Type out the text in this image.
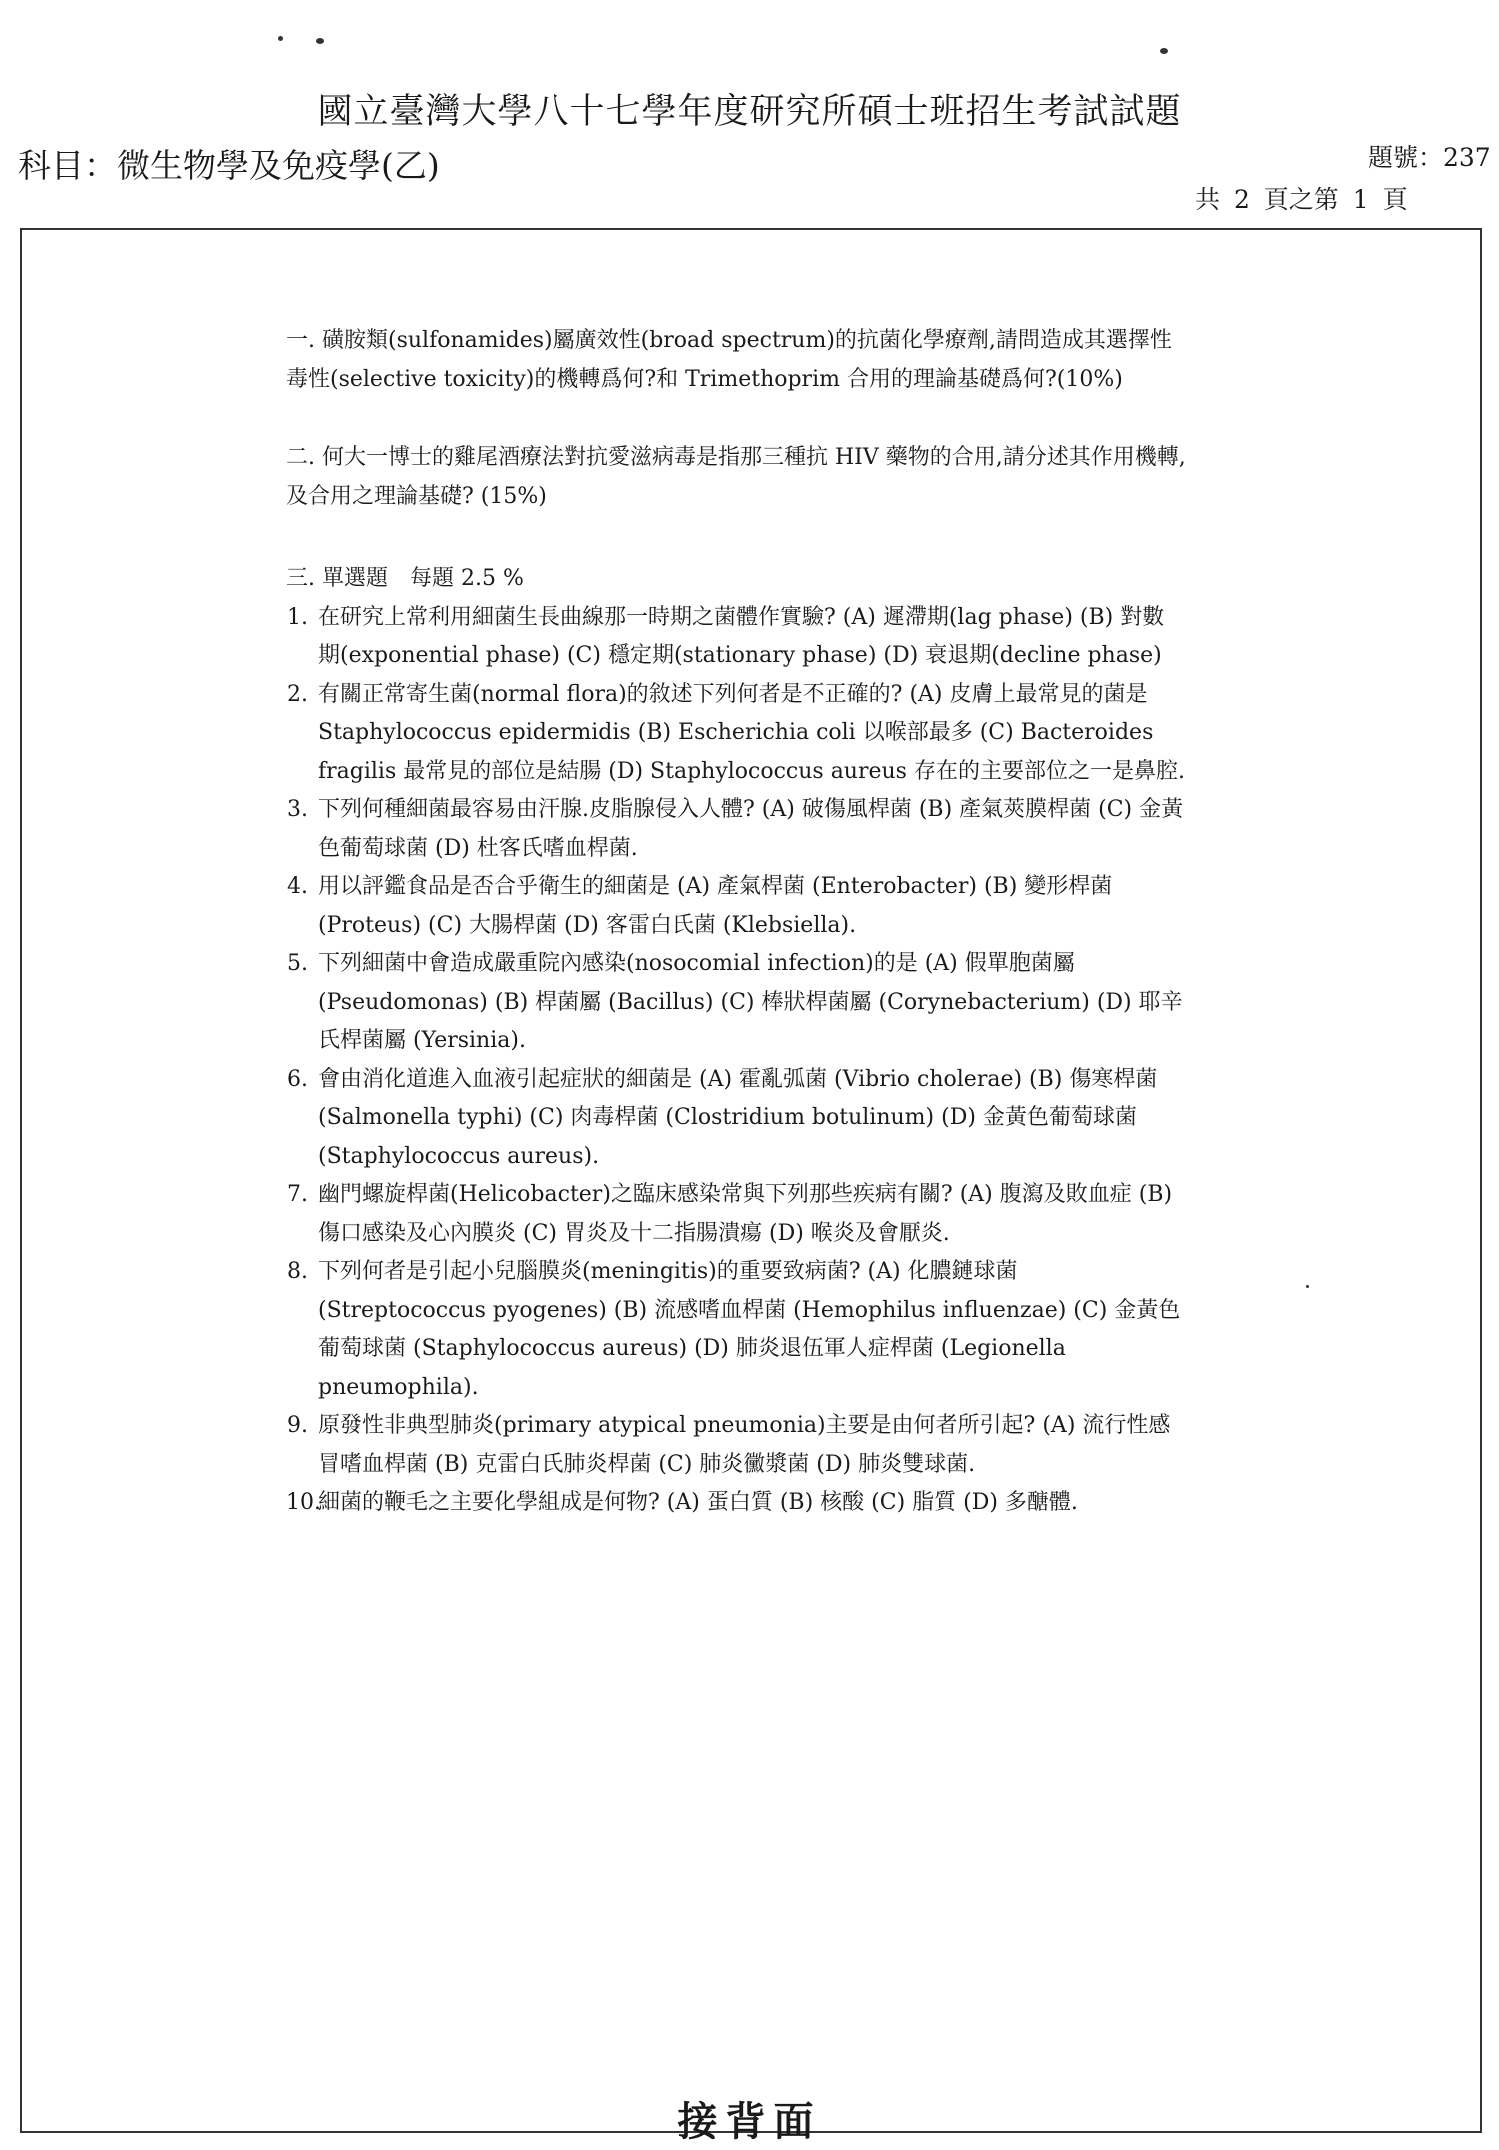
國立臺灣大學八十七學年度研究所碩士班招生考試試題
科目：微生物學及免疫學(乙)	題號：237
共 2 頁之第 1 頁

一. 磺胺類(sulfonamides)屬廣效性(broad spectrum)的抗菌化學療劑,請問造成其選擇性毒性(selective toxicity)的機轉爲何?和 Trimethoprim 合用的理論基礎爲何?(10%)

二. 何大一博士的雞尾酒療法對抗愛滋病毒是指那三種抗 HIV 藥物的合用,請分述其作用機轉,及合用之理論基礎? (15%)

三. 單選題　每題 2.5 %

1. 在研究上常利用細菌生長曲線那一時期之菌體作實驗? (A) 遲滯期(lag phase) (B) 對數期(exponential phase) (C) 穩定期(stationary phase) (D) 衰退期(decline phase)
2. 有關正常寄生菌(normal flora)的敘述下列何者是不正確的? (A) 皮膚上最常見的菌是 Staphylococcus epidermidis (B) Escherichia coli 以喉部最多 (C) Bacteroides fragilis 最常見的部位是結腸 (D) Staphylococcus aureus 存在的主要部位之一是鼻腔.
3. 下列何種細菌最容易由汗腺.皮脂腺侵入人體? (A) 破傷風桿菌 (B) 產氣莢膜桿菌 (C) 金黃色葡萄球菌 (D) 杜客氏嗜血桿菌.
4. 用以評鑑食品是否合乎衛生的細菌是 (A) 產氣桿菌 (Enterobacter) (B) 變形桿菌 (Proteus) (C) 大腸桿菌 (D) 客雷白氏菌 (Klebsiella).
5. 下列細菌中會造成嚴重院內感染(nosocomial infection)的是 (A) 假單胞菌屬 (Pseudomonas) (B) 桿菌屬 (Bacillus) (C) 棒狀桿菌屬 (Corynebacterium) (D) 耶辛氏桿菌屬 (Yersinia).
6. 會由消化道進入血液引起症狀的細菌是 (A) 霍亂弧菌 (Vibrio cholerae) (B) 傷寒桿菌 (Salmonella typhi) (C) 肉毒桿菌 (Clostridium botulinum) (D) 金黃色葡萄球菌 (Staphylococcus aureus).
7. 幽門螺旋桿菌(Helicobacter)之臨床感染常與下列那些疾病有關? (A) 腹瀉及敗血症 (B) 傷口感染及心內膜炎 (C) 胃炎及十二指腸潰瘍 (D) 喉炎及會厭炎.
8. 下列何者是引起小兒腦膜炎(meningitis)的重要致病菌? (A) 化膿鏈球菌 (Streptococcus pyogenes) (B) 流感嗜血桿菌 (Hemophilus influenzae) (C) 金黃色葡萄球菌 (Staphylococcus aureus) (D) 肺炎退伍軍人症桿菌 (Legionella pneumophila).
9. 原發性非典型肺炎(primary atypical pneumonia)主要是由何者所引起? (A) 流行性感冒嗜血桿菌 (B) 克雷白氏肺炎桿菌 (C) 肺炎黴漿菌 (D) 肺炎雙球菌.
10.
細菌的鞭毛之主要化學組成是何物? (A) 蛋白質 (B) 核酸 (C) 脂質 (D) 多醣體.
接背面
